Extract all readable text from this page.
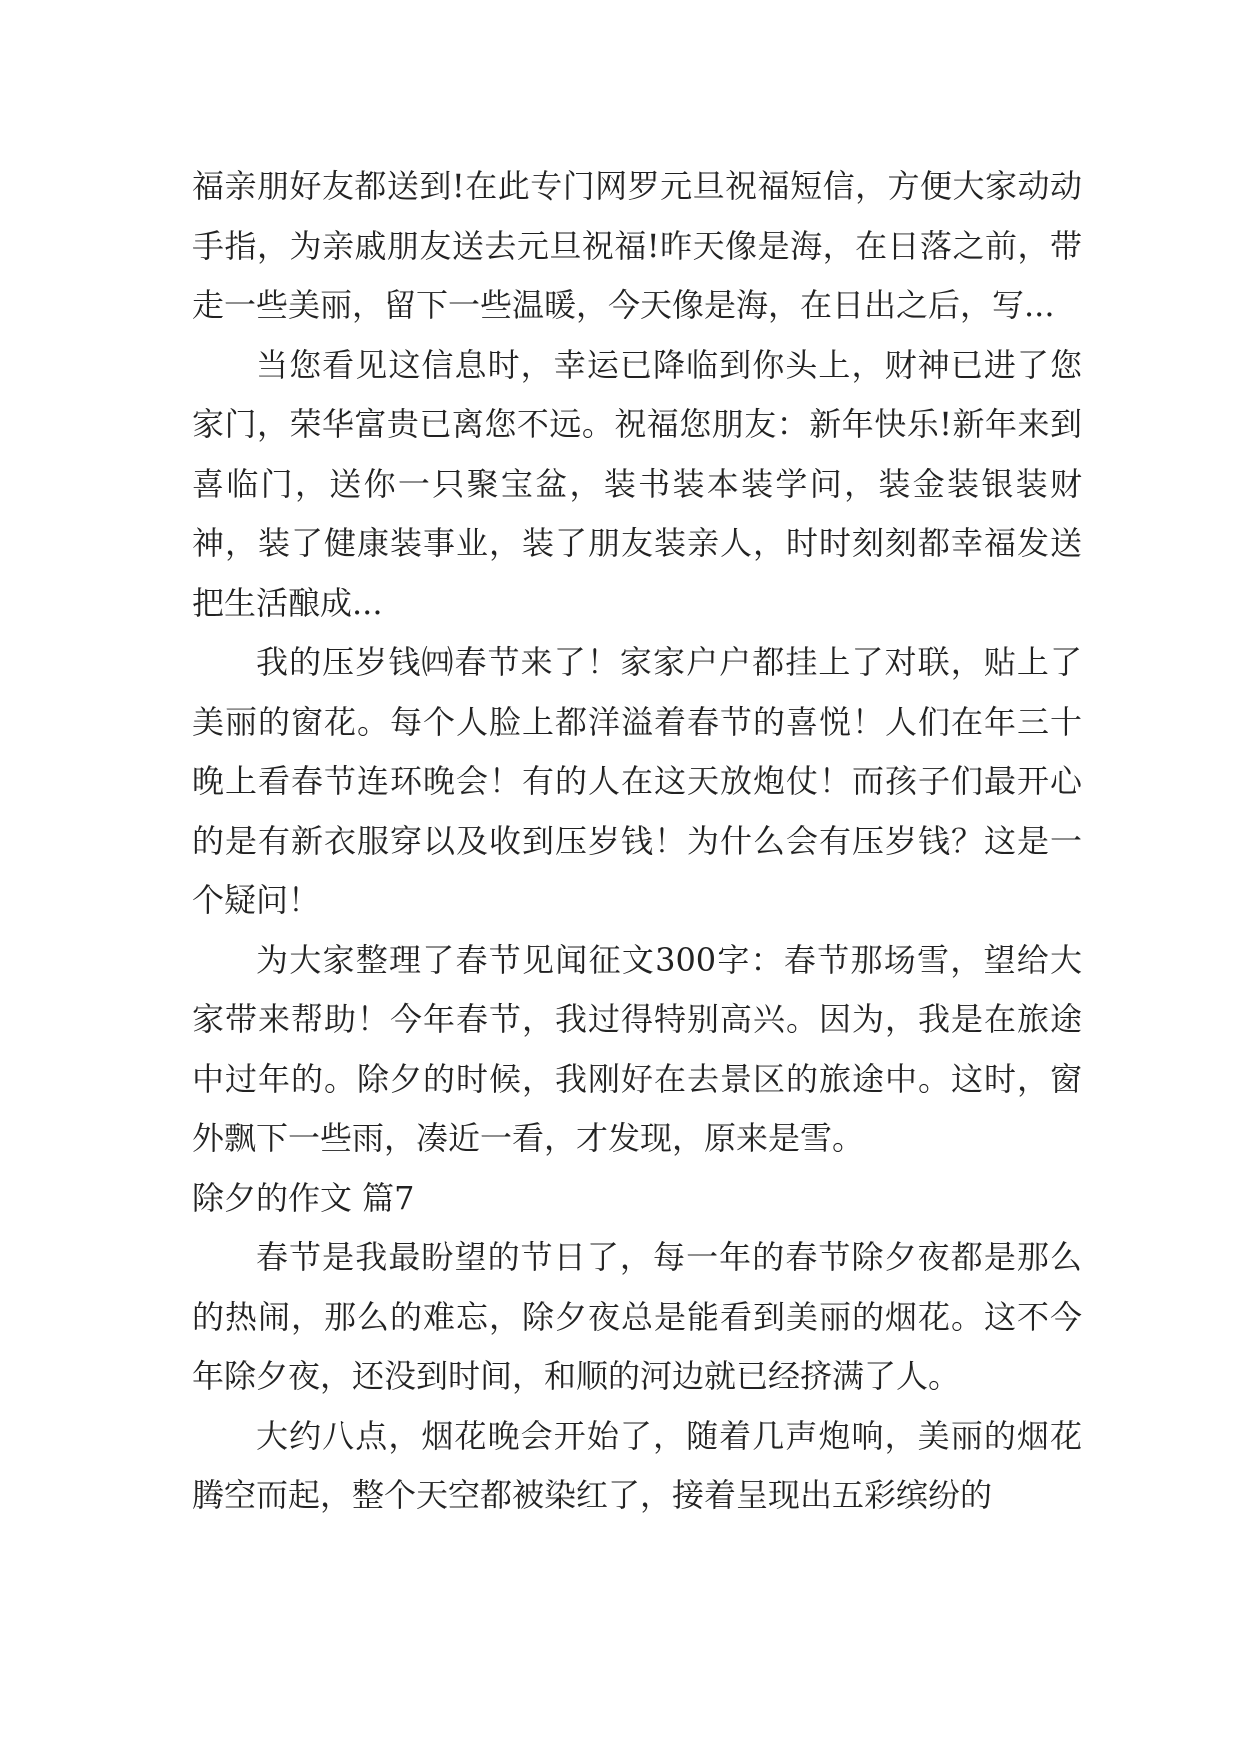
福亲朋好友都送到!在此专门网罗元旦祝福短信，方便大家动动手指，为亲戚朋友送去元旦祝福!昨天像是海，在日落之前，带走一些美丽，留下一些温暖，今天像是海，在日出之后，写...

当您看见这信息时，幸运已降临到你头上，财神已进了您家门，荣华富贵已离您不远。祝福您朋友：新年快乐!新年来到喜临门，送你一只聚宝盆，装书装本装学问，装金装银装财神，装了健康装事业，装了朋友装亲人，时时刻刻都幸福发送把生活酿成...

我的压岁钱㈣春节来了！家家户户都挂上了对联，贴上了美丽的窗花。每个人脸上都洋溢着春节的喜悦！人们在年三十晚上看春节连环晚会！有的人在这天放炮仗！而孩子们最开心的是有新衣服穿以及收到压岁钱！为什么会有压岁钱？这是一个疑问！

为大家整理了春节见闻征文300字：春节那场雪，望给大家带来帮助！今年春节，我过得特别高兴。因为，我是在旅途中过年的。除夕的时候，我刚好在去景区的旅途中。这时，窗外飘下一些雨，凑近一看，才发现，原来是雪。

除夕的作文 篇7

春节是我最盼望的节日了，每一年的春节除夕夜都是那么的热闹，那么的难忘，除夕夜总是能看到美丽的烟花。这不今年除夕夜，还没到时间，和顺的河边就已经挤满了人。

大约八点，烟花晚会开始了，随着几声炮响，美丽的烟花腾空而起，整个天空都被染红了，接着呈现出五彩缤纷的
